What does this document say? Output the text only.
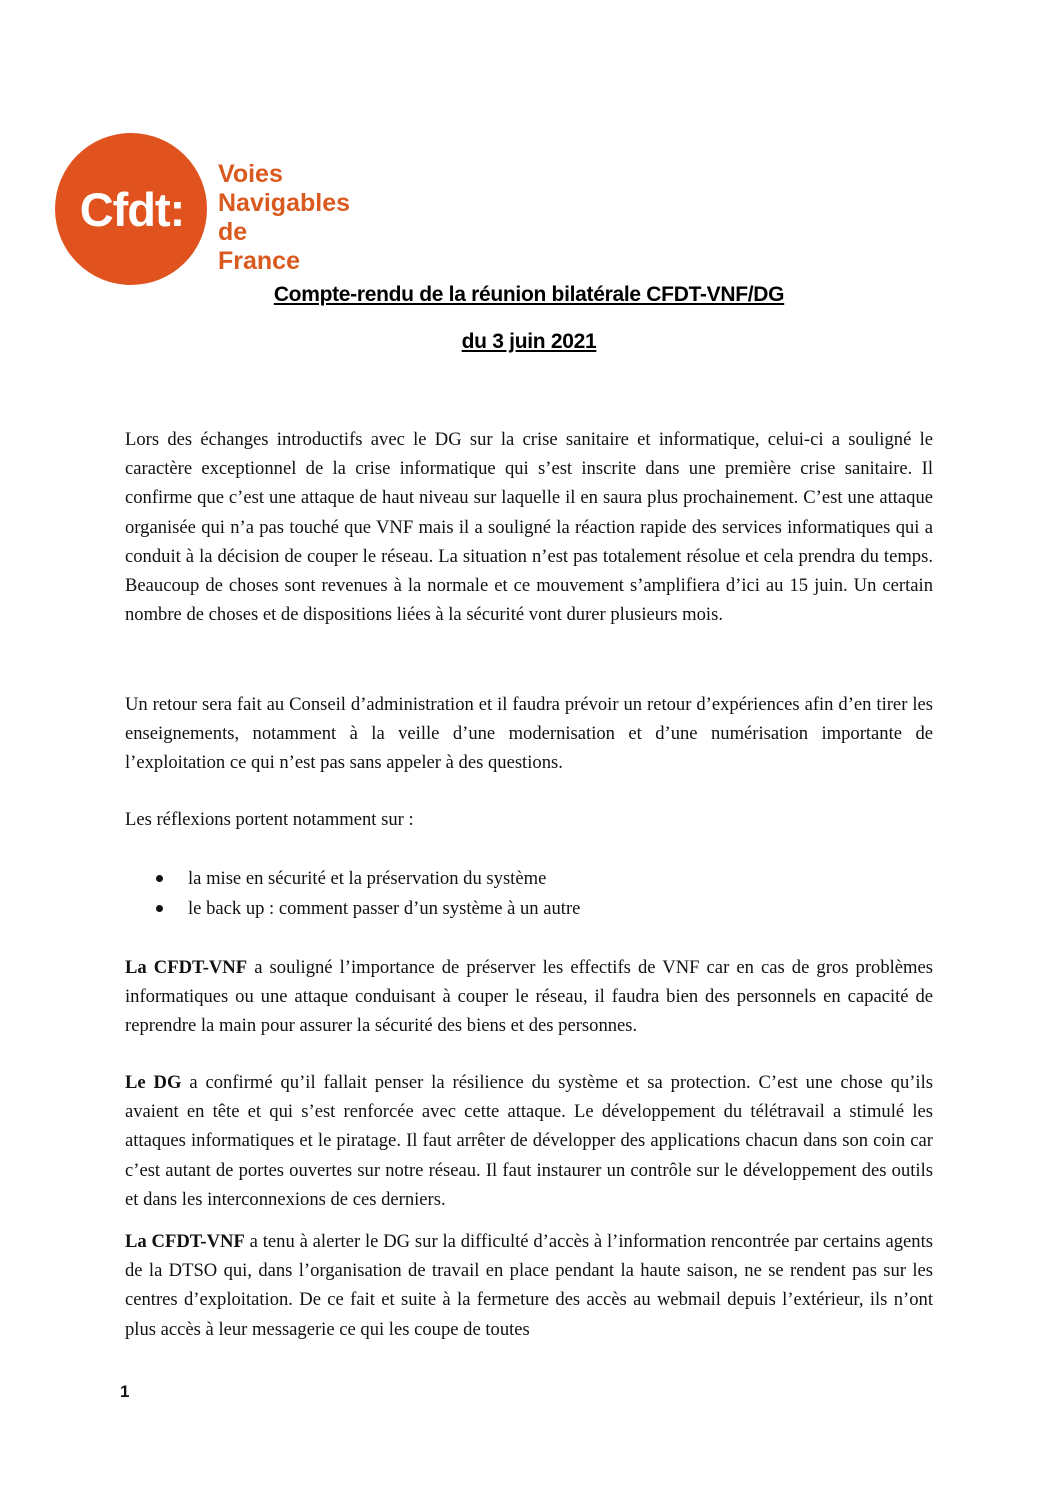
Cfdt:
Voies
Navigables de
France
Compte-rendu de la réunion bilatérale CFDT-VNF/DG
du 3 juin 2021

Lors des échanges introductifs avec le DG sur la crise sanitaire et informatique, celui-ci a souligné le caractère exceptionnel de la crise informatique qui s’est inscrite dans une première crise sanitaire. Il confirme que c’est une attaque de haut niveau sur laquelle il en saura plus prochainement. C’est une attaque organisée qui n’a pas touché que VNF mais il a souligné la réaction rapide des services informatiques qui a conduit à la décision de couper le réseau. La situation n’est pas totalement résolue et cela prendra du temps. Beaucoup de choses sont revenues à la normale et ce mouvement s’amplifiera d’ici au 15 juin. Un certain nombre de choses et de dispositions liées à la sécurité vont durer plusieurs mois.

Un retour sera fait au Conseil d’administration et il faudra prévoir un retour d’expériences afin d’en tirer les enseignements, notamment à la veille d’une modernisation et d’une numérisation importante de l’exploitation ce qui n’est pas sans appeler à des questions.

Les réflexions portent notamment sur :

la mise en sécurité et la préservation du système
le back up : comment passer d’un système à un autre

La CFDT-VNF a souligné l’importance de préserver les effectifs de VNF car en cas de gros problèmes informatiques ou une attaque conduisant à couper le réseau, il faudra bien des personnels en capacité de reprendre la main pour assurer la sécurité des biens et des personnes.

Le DG a confirmé qu’il fallait penser la résilience du système et sa protection. C’est une chose qu’ils avaient en tête et qui s’est renforcée avec cette attaque. Le développement du télétravail a stimulé les attaques informatiques et le piratage. Il faut arrêter de développer des applications chacun dans son coin car c’est autant de portes ouvertes sur notre réseau. Il faut instaurer un contrôle sur le développement des outils et dans les interconnexions de ces derniers.

La CFDT-VNF a tenu à alerter le DG sur la difficulté d’accès à l’information rencontrée par certains agents de la DTSO qui, dans l’organisation de travail en place pendant la haute saison, ne se rendent pas sur les centres d’exploitation. De ce fait et suite à la fermeture des accès au webmail depuis l’extérieur, ils n’ont plus accès à leur messagerie ce qui les coupe de toutes

1
